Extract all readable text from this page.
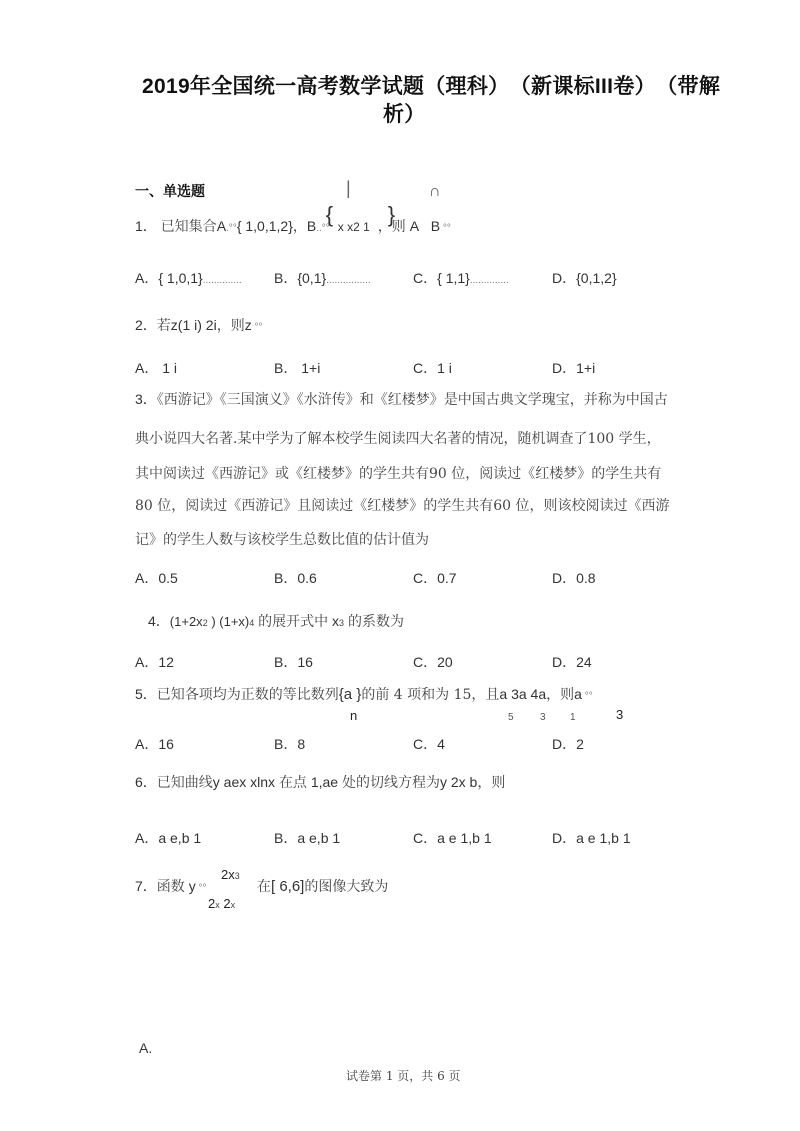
2019年全国统一高考数学试题（理科）　（新课标III卷）　（带解
析）
一、单选题	|	∩
1． 已知集合A.°°{ 1,0,1,2}，B..°°
{ }
x x2 1 ，则 A B °°
A．{ 1,0,1}.............. B．{0,1}................	C．{ 1,1}..............	D．{0,1,2}
2．若z(1 i) 2i，则z °°
A． 1 i	B． 1+i	C．1 i	D．1+i
3．《西游记》《三国演义》《水浒传》和《红楼梦》是中国古典文学瑰宝，并称为中国古
典小说四大名著.某中学为了解本校学生阅读四大名著的情况，随机调查了100 学生，
其中阅读过《西游记》或《红楼梦》的学生共有90 位，阅读过《红楼梦》的学生共有
80 位，阅读过《西游记》且阅读过《红楼梦》的学生共有60 位，则该校阅读过《西游
记》的学生人数与该校学生总数比值的估计值为
A．0.5	B．0.6	C．0.7	D．0.8
4．(1+2x2 ) (1+x)4 的展开式中 x3 的系数为
A．12	B．16	C．20	D．24
5．已知各项均为正数的等比数列{a }的前 4 项和为 15，且a 3a 4a，则a °°
n	5	3 1	3
A．16	B．8	C．4	D．2
6．已知曲线y aex xlnx 在点 1,ae 处的切线方程为y 2x b，则
A．a e,b 1	B．a e,b 1	C．a e 1,b 1	D．a e 1,b 1
7．函数 y °°
2x3
2x 2x
在[ 6,6]的图像大致为
A.
试卷第 1 页，共 6 页
